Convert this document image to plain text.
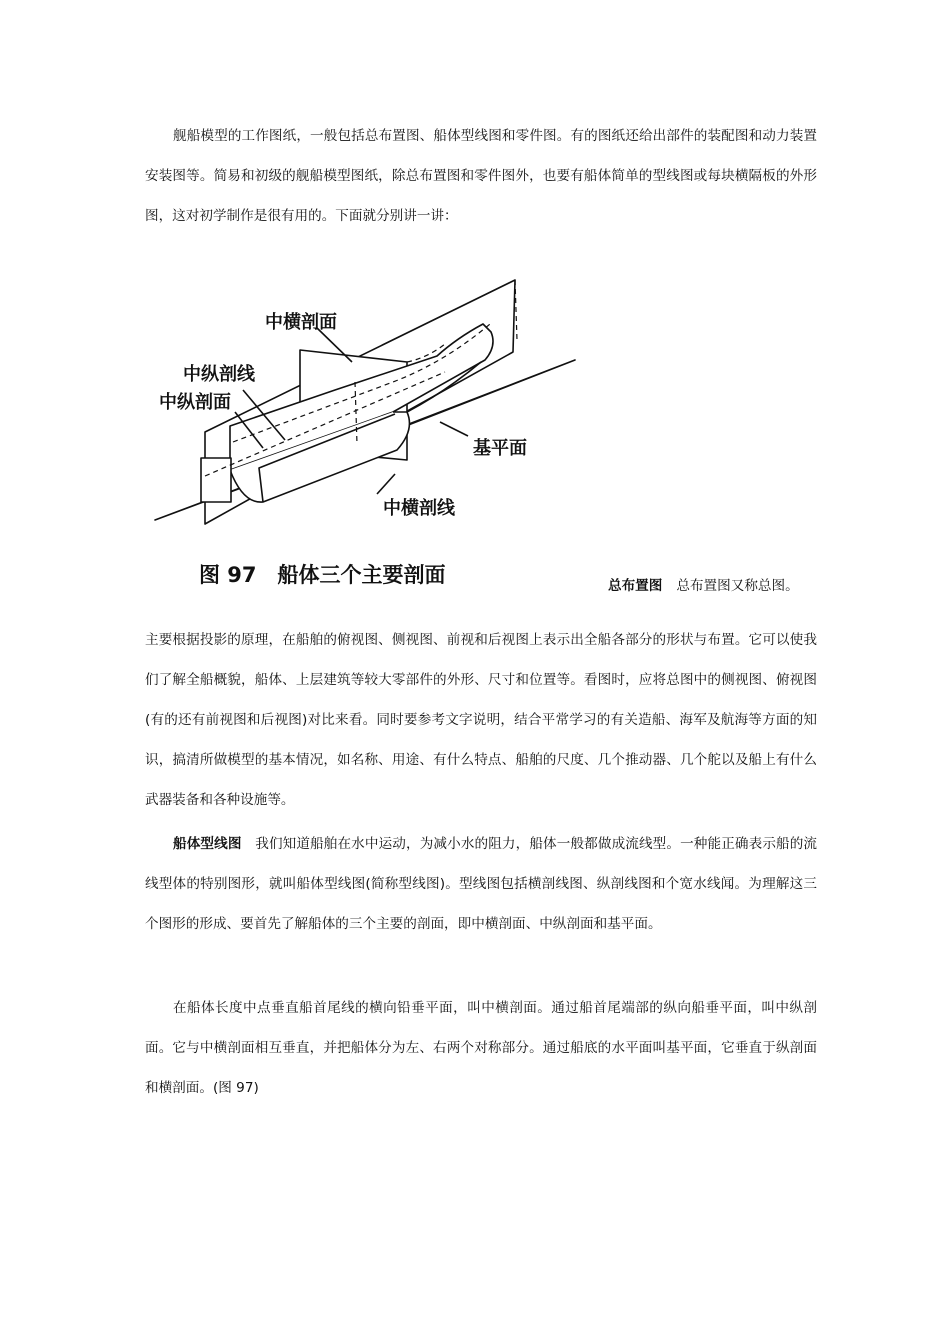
舰船模型的工作图纸，一般包括总布置图、船体型线图和零件图。有的图纸还给出部件的装配图和动力装置安装图等。简易和初级的舰船模型图纸，除总布置图和零件图外，也要有船体简单的型线图或每块横隔板的外形图，这对初学制作是很有用的。下面就分别讲一讲：

中横剖面
中纵剖线
中纵剖面
基平面
中横剖线
图 97　船体三个主要剖面	总布置图 总布置图又称总图。

主要根据投影的原理，在船舶的俯视图、侧视图、前视和后视图上表示出全船各部分的形状与布置。它可以使我们了解全船概貌，船体、上层建筑等较大零部件的外形、尺寸和位置等。看图时，应将总图中的侧视图、俯视图(有的还有前视图和后视图)对比来看。同时要参考文字说明，结合平常学习的有关造船、海军及航海等方面的知识，搞清所做模型的基本情况，如名称、用途、有什么特点、船舶的尺度、几个推动器、几个舵以及船上有什么武器装备和各种设施等。

船体型线图　 我们知道船舶在水中运动，为减小水的阻力，船体一般都做成流线型。一种能正确表示船的流线型体的特别图形，就叫船体型线图(简称型线图)。型线图包括横剖线图、纵剖线图和个宽水线闻。为理解这三个图形的形成、要首先了解船体的三个主要的剖面，即中横剖面、中纵剖面和基平面。

在船体长度中点垂直船首尾线的横向铅垂平面，叫中横剖面。通过船首尾端部的纵向船垂平面，叫中纵剖面。它与中横剖面相互垂直，并把船体分为左、右两个对称部分。通过船底的水平面叫基平面，它垂直于纵剖面和横剖面。(图 97)
